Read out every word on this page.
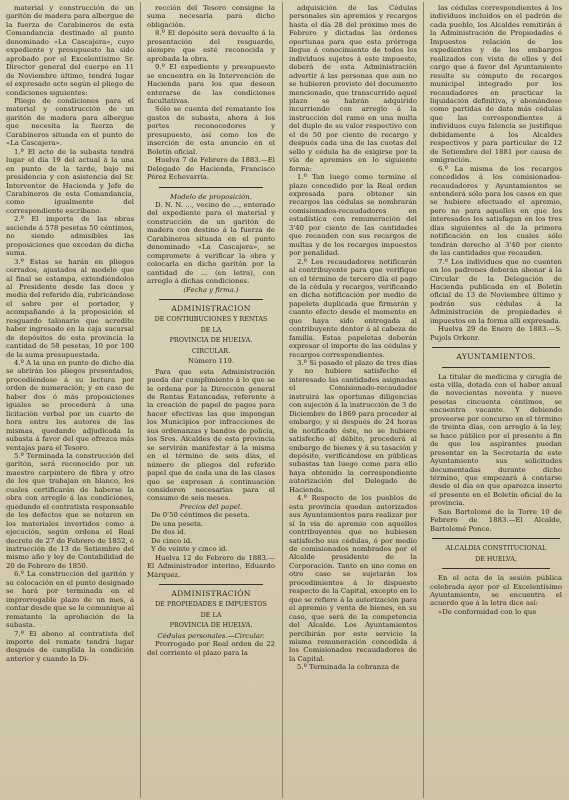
material y construcción de un garitón de madera para albergue de la fuerza de Carabineros de esta Comandancia destinado al punto denominado «La Cascajera», cuyo expediente y presupuesto ha sido aprobado por el Excelentísimo Sr. Director general del cuerpo en 11 de Noviembre último, tendrá lugar el expresado acto según el pliego de condiciones siguientes:

Pliego de condiciones para el material y construcción de un garitón de madera para albergue que necesita la fuerza de Carabineros situada en el punto de «La Cascajera».

1.º El acto de la subasta tendrá lugar el día 19 del actual á la una en punto de la tarde, bajo mi presidencia y con asistencia del Sr. Interventor de Hacienda y Jefe de Carabineros de esta Comandancia, como igualmente del correspondiente escribano.

2.º El importe de las obras asciende á 578 pesetas 50 céntimos, no siendo admisibles las proposiciones que excedan de dicha suma.

3.º Estas se harán en pliegos cerrados, ajustados al modelo que al final se estampa, extendiéndolos al Presidente desde las doce y media del referido día, rubricándose el sobre por el portador, y acompañando á la proposición el resguardo talonario que acredite haber ingresado en la caja sucursal de depósitos de esta provincia la cantidad de 58 pesetas, 10 por 100 de la suma presupuestada.

4.º A la una en punto de dicho día se abrirán los pliegos presentados, procediéndose á su lectura por orden de numeración; y en caso de haber dos ó más proposiciones iguales se procederá á una licitación verbal por un cuarto de hora entre los autores de las mismas, quedando adjudicada la subasta á favor del que ofrezca más ventajas para el Tesoro.

5.º Terminada la construcción del garitón, será reconocido por un maestro carpintero de fibra y otro de los que trabajan en blanco, los cuales certificarán de haberse la obra con arreglo á las condiciones, quedando el contratista responsable de los defectos que se notaren en los materiales invertidos como á ejecución, según ordena el Real decreto de 27 de Febrero de 1852, é instrucción de 13 de Setiembre del mismo año y ley de Contabilidad de 20 de Febrero de 1850.

6.º La construcción del garitón y su colocación en el punto designado se hará por terminada en el improrrogable plazo de un mes, á contar desde que se le comunique al rematante la aprobación de la subasta.

7.º El abono al contratista del importe del remate tendrá lugar después de cumplida la condición anterior y cuando la Di-

rección del Tesoro consigne la suma necesaria para dicho obligación.

8.º El depósito será devuelto á la presentación del resguardo, siempre que esté reconocida y aprobada la obra.

9.º El expediente y presupuesto se encuentra en la Intervención de Hacienda para los que deseen enterarse de las condiciones facultativas.

Sólo se cuenta del rematante los gastos de subasta, ahora á los portes reconocedores y presupuesto, así como los de inserción de esta anuncio en el Boletín oficial.

Huelva 7 de Febrero de 1883.—El Delegado de Hacienda, Francisco Pérez Echevarría.

Modelo de proposición.

D. N. N. ..., vecino de ..., enterado del expediente para el material y construcción de un garitón de madera con destino á la fuerza de Carabineros situada en el punto denominado «La Cascajera», se compromete á verificar la obra y colocarla en dicho garitón por la cantidad de ... (en letra), con arreglo á dichas condiciones.

(Fecha y firma.)

ADMINISTRACION
DE CONTRIBUCIONES Y RENTAS
DE LA
PROVINCIA DE HUELVA.
CIRCULAR.
Número 119.

Para que esta Administración pueda dar cumplimiento á lo que se le ordena por la Dirección general de Rentas Estancadas, referente á la creación de papel de pagos para hacer efectivas las que impongan los Municipios por infracciones de sus ordenanzas y bandos de policía, los Sres. Alcaldes de esta provincia se servirán manifestar á la misma en el término de seis días, el número de pliegos del referido papel que de cada una de las clases que se expresan á continuación consideren necesarias para el consumo de seis meses.

Precios del papel.

De 0'50 céntimos de peseta.

De una peseta.

De dos id.

De cinco id.

Y de veinte y cinco id.

Huelva 12 de Febrero de 1883.—El Administrador interino, Eduardo Márquez.

ADMINISTRACIÓN
DE PROPIEDADES E IMPUESTOS
DE LA
PROVINCIA DE HUELVA.

Cédulas personales.—Circular.

Prorrogado por Real orden de 22 del corriente el plazo para la

adquisición de las Cédulas personales sin apremios y recargos hasta el día 28 del próximo mes de Febrero y dictadas las órdenes oportunas para que esta prórroga llegue á conocimiento de todos los individuos sujetos á este impuesto, deberá de esta Administración advertir á las personas que aun no se hubieren provisto del documento mencionado, que transcurrido aquel plazo se habrán adquirido incurriendo con arreglo á la instrucción del ramo en una multa del duplo de su valor respectivo con el de 50 por ciento de recargo y después cada una de las cuotas del sello y cédula ha de exigirse por la vía de apremios en lo siguiente forma:

1.º Tan luego como termine el plazo concedido por la Real orden expresada para obtener sin recargos las cédulas se nombrarán comisionados-recaudadores en estadística con remuneración del 3'40 por ciento de las cantidades que recauden con sus recargos de multas y de los recargos impuestos por penalidad.

2.º Los recaudadores notificarán al contribuyente para que verifique en el término de tercero día el pago de la cédula y recargos, verificando en dicha notificación por medio de papeleta duplicada que firmarán y cuanto efecto desde el momento en que haya sido entregada al contribuyente dentor á al cabeza de familia. Estas papeletas deberán expresar el importe de las cédulas y recargos correspondientes.

3.º Si pasado el plazo de tres días y no hubiere satisfecho el interesado las cantidades asignadas el Comisionado-recaudador instruirá las oportunas diligencias con sujeción á la instrucción de 3 de Diciembre de 1869 para proceder al embargo; y si después de 24 horas de notificado éste, no se hubiere satisfecho el débito, procederá al embargo de bienes y á su tasación y depósito, verificándose en públicas subastas tan luego como para ello haya obtenido la correspondiente autorización del Delegado de Hacienda.

4.º Respecto de los pueblos de esta provincia quedan autorizados sus Ayuntamientos para realizar por sí la vía de apremio con aquellos contribuyentes que no hubiesen satisfecho sus cédulas, ó por medio de comisionados nombrados por el Alcalde presidente de la Corporación. Tanto en uno como en otro caso se sujetarán los procedimientos á lo dispuesto respecto de la Capital, excepto en lo que se refiere á la autorización para el apremio y venta de bienes, en su caso, que será de la competencia del Alcalde. Los Ayuntamientos percibirán por este servicio la misma remuneración concedida á los Comisionados recaudadores de la Capital.

5.º Terminada la cobranza de

las cédulas correspondientes á los individuos incluidos en el padrón de cada pueblo, los Alcaldes remitirán á la Administración de Propiedades é Impuestos relación de los expedientes y de los embargos realizados con vista de ellos y del cargo que á favor del Ayuntamiento resulte su cómputo de recargos municipal integrado por los recaudadores en practicar la liquidación definitiva, y abonándose como partidas de data más cédulas que las correspondientes á individuos cuya falencia se justifique debidamente á los Alcaldes respectivos y para particular de 12 de Setiembre del 1881 por causa de emigración.

6.º La misma de los recargos concedidos á los comisionados-recaudadores y Ayuntamientos se entenderá sólo para los casos en que se hubiere efectuado el apremio, pero no para aquellos en que los interesados los satisfagan en los tres días siguientes al de la primera notificación en los cuales sólo tendrán derecho al 3'40 por ciento de las cantidades que recauden.

7.º Los individuos que no cuenten en los padrones deberán abonar á la Circular de la Delegación de Hacienda publicada en el Boletín oficial de 13 de Noviembre último y podrán sus cédulas á la Administración de propiedades é impuestos en la forma allí expresada.

Huelva 29 de Enero de 1883.—S. Pujols Orkenr.

AYUNTAMIENTOS.

La titular de medicina y cirugía de esta villa, dotada con el haber anual de novecientas noventa y nueve pesetas cincuenta céntimos, se encuentra vacante. Y debiendo proveerse por concurso en el término de treinta días, con arreglo á la ley, se hace público por el presente á fin de que los aspirantes puedan presentar en la Secretaría de este Ayuntamiento sus solicitudes documentadas durante dicho término, que empezará á contarse desde el día en que aparezca inserto el presente en el Boletín oficial de la provincia.

San Bartolomé de la Torre 10 de Febrero de 1883.—El Alcalde, Bartolomé Ponce.

ALCALDIA CONSTITUCIONAL
DE HUELVA.

En el acta de la sesión pública celebrada ayer por el Excelentísimo Ayuntamiento, se encuentra el acuerdo que á la letra dice así:

«De conformidad con lo que
